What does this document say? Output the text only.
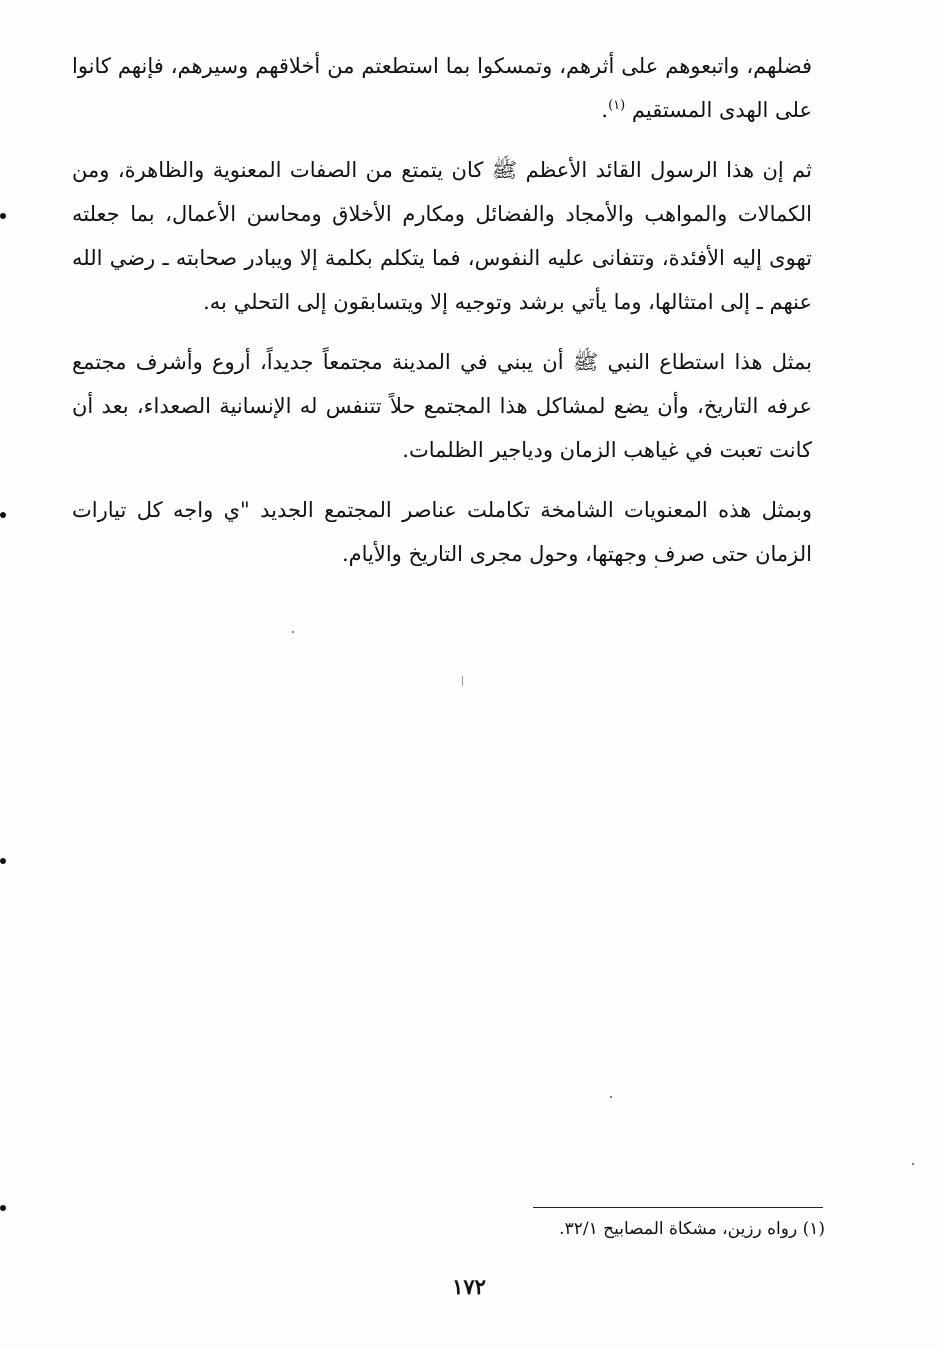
فضلهم، واتبعوهم على أثرهم، وتمسكوا بما استطعتم من أخلاقهم وسيرهم، فإنهم كانوا على الهدى المستقيم $^{(١)}$.

ثم إن هذا الرسول القائد الأعظم ﷺ كان يتمتع من الصفات المعنوية والظاهرة، ومن الكمالات والمواهب والأمجاد والفضائل ومكارم الأخلاق ومحاسن الأعمال، بما جعلته تهوى إليه الأفئدة، وتتفانى عليه النفوس، فما يتكلم بكلمة إلا ويبادر صحابته ـ رضي الله عنهم ـ إلى امتثالها، وما يأتي برشد وتوجيه إلا ويتسابقون إلى التحلي به.

بمثل هذا استطاع النبي ﷺ أن يبني في المدينة مجتمعاً جديداً، أروع وأشرف مجتمع عرفه التاريخ، وأن يضع لمشاكل هذا المجتمع حلاً تتنفس له الإنسانية الصعداء، بعد أن كانت تعبت في غياهب الزمان ودياجير الظلمات.

وبمثل هذه المعنويات الشامخة تكاملت عناصر المجتمع الجديد "ي واجه كل تيارات الزمان حتى صرف وجهتها، وحول مجرى التاريخ والأيام.

(١) رواه رزين، مشكاة المصابيح ٣٢/١.
١٧٢
